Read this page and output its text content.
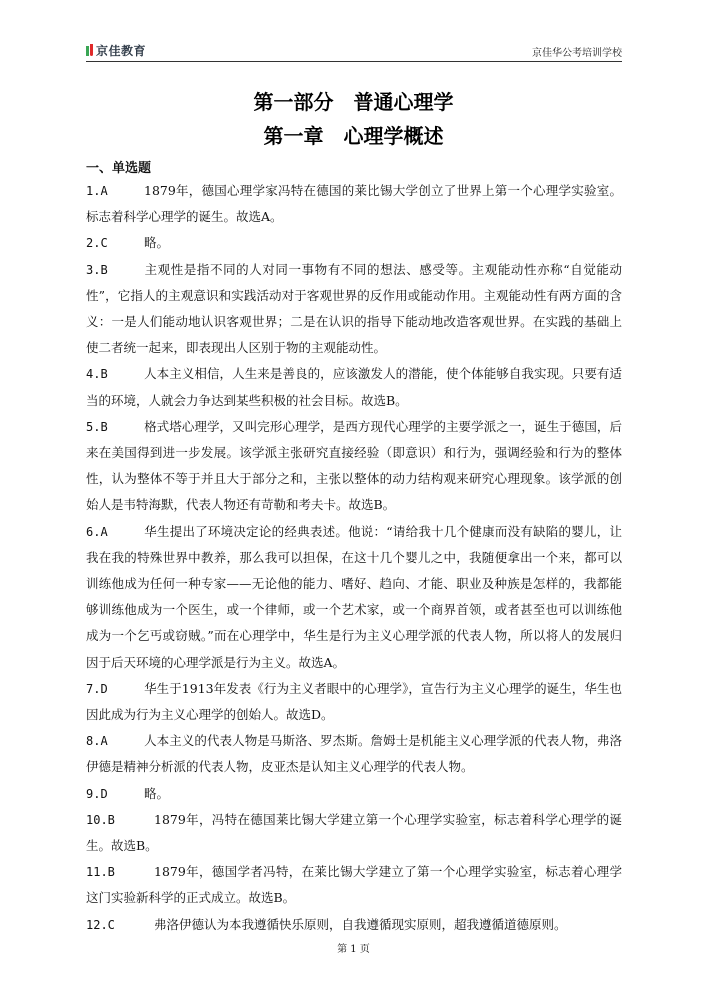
京佳教育	京佳华公考培训学校
第一部分　普通心理学
第一章　心理学概述
一、单选题

1.A	1879年，德国心理学家冯特在德国的莱比锡大学创立了世界上第一个心理学实验室。标志着科学心理学的诞生。故选A。

2.C	略。

3.B	主观性是指不同的人对同一事物有不同的想法、感受等。主观能动性亦称“自觉能动性”，它指人的主观意识和实践活动对于客观世界的反作用或能动作用。主观能动性有两方面的含义：一是人们能动地认识客观世界；二是在认识的指导下能动地改造客观世界。在实践的基础上使二者统一起来，即表现出人区别于物的主观能动性。

4.B	人本主义相信，人生来是善良的，应该激发人的潜能，使个体能够自我实现。只要有适当的环境，人就会力争达到某些积极的社会目标。故选B。

5.B	格式塔心理学，又叫完形心理学，是西方现代心理学的主要学派之一，诞生于德国，后来在美国得到进一步发展。该学派主张研究直接经验（即意识）和行为，强调经验和行为的整体性，认为整体不等于并且大于部分之和，主张以整体的动力结构观来研究心理现象。该学派的创始人是韦特海默，代表人物还有苛勒和考夫卡。故选B。

6.A	华生提出了环境决定论的经典表述。他说：“请给我十几个健康而没有缺陷的婴儿，让我在我的特殊世界中教养，那么我可以担保，在这十几个婴儿之中，我随便拿出一个来，都可以训练他成为任何一种专家——无论他的能力、嗜好、趋向、才能、职业及种族是怎样的，我都能够训练他成为一个医生，或一个律师，或一个艺术家，或一个商界首领，或者甚至也可以训练他成为一个乞丐或窃贼。”而在心理学中，华生是行为主义心理学派的代表人物，所以将人的发展归因于后天环境的心理学派是行为主义。故选A。

7.D	华生于1913年发表《行为主义者眼中的心理学》，宣告行为主义心理学的诞生，华生也因此成为行为主义心理学的创始人。故选D。

8.A	人本主义的代表人物是马斯洛、罗杰斯。詹姆士是机能主义心理学派的代表人物，弗洛伊德是精神分析派的代表人物，皮亚杰是认知主义心理学的代表人物。

9.D	略。

10.B	1879年，冯特在德国莱比锡大学建立第一个心理学实验室，标志着科学心理学的诞生。故选B。

11.B	1879年，德国学者冯特，在莱比锡大学建立了第一个心理学实验室，标志着心理学这门实验新科学的正式成立。故选B。

12.C	弗洛伊德认为本我遵循快乐原则，自我遵循现实原则，超我遵循道德原则。

第 1 页
